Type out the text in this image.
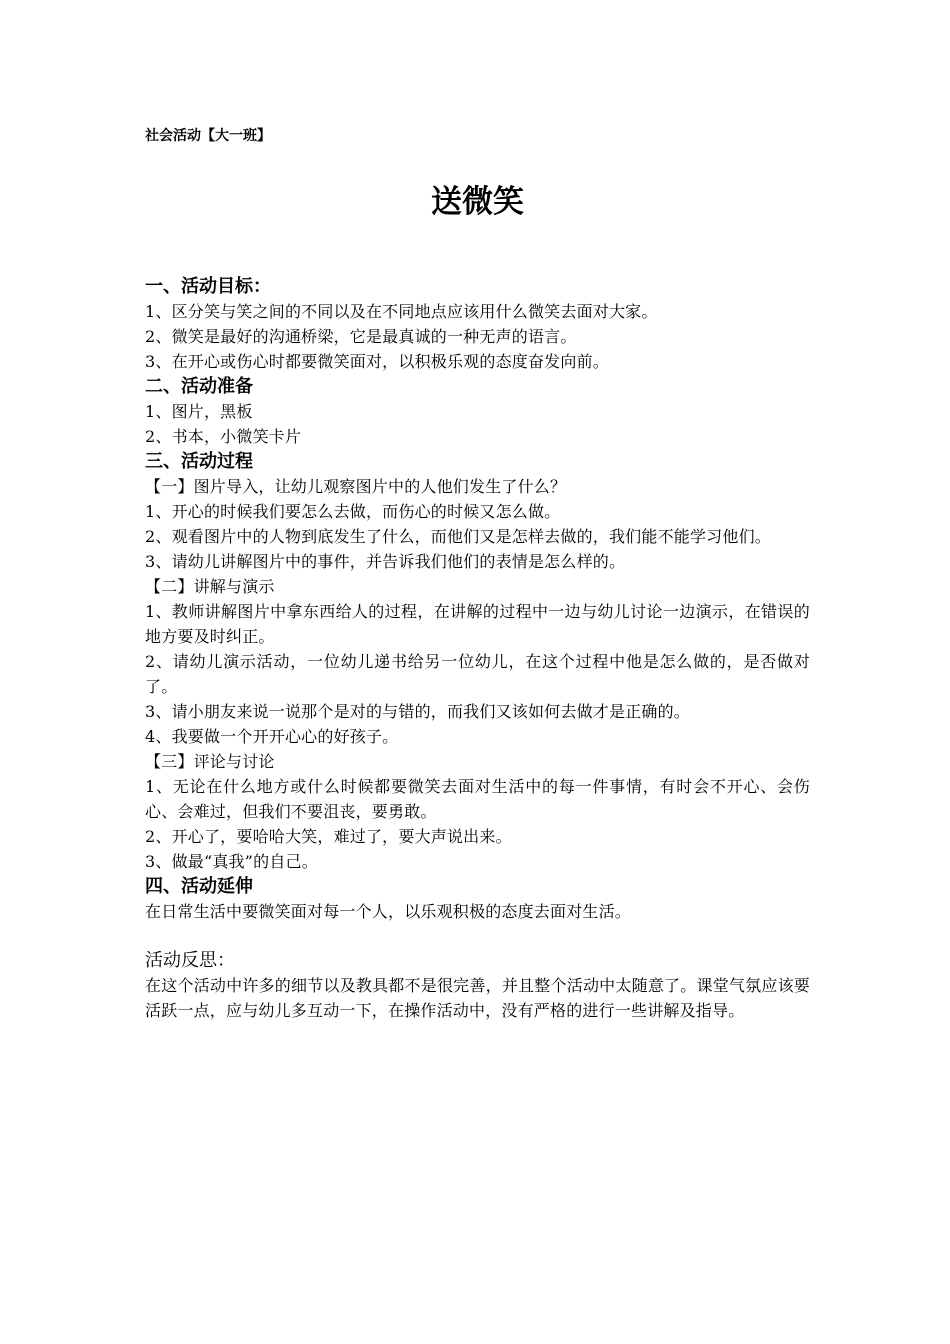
社会活动【大一班】
送微笑
一、活动目标：
1、区分笑与笑之间的不同以及在不同地点应该用什么微笑去面对大家。
2、微笑是最好的沟通桥梁，它是最真诚的一种无声的语言。
3、在开心或伤心时都要微笑面对，以积极乐观的态度奋发向前。
二、活动准备
1、图片，黑板
2、书本，小微笑卡片
三、活动过程
【一】图片导入，让幼儿观察图片中的人他们发生了什么？
1、开心的时候我们要怎么去做，而伤心的时候又怎么做。
2、观看图片中的人物到底发生了什么，而他们又是怎样去做的，我们能不能学习他们。
3、请幼儿讲解图片中的事件，并告诉我们他们的表情是怎么样的。
【二】讲解与演示
1、教师讲解图片中拿东西给人的过程，在讲解的过程中一边与幼儿讨论一边演示，在错误的地方要及时纠正。
2、请幼儿演示活动，一位幼儿递书给另一位幼儿，在这个过程中他是怎么做的，是否做对了。
3、请小朋友来说一说那个是对的与错的，而我们又该如何去做才是正确的。
4、我要做一个开开心心的好孩子。
【三】评论与讨论
1、无论在什么地方或什么时候都要微笑去面对生活中的每一件事情，有时会不开心、会伤心、会难过，但我们不要沮丧，要勇敢。
2、开心了，要哈哈大笑，难过了，要大声说出来。
3、做最“真我”的自己。
四、活动延伸
在日常生活中要微笑面对每一个人，以乐观积极的态度去面对生活。
活动反思：
在这个活动中许多的细节以及教具都不是很完善，并且整个活动中太随意了。课堂气氛应该要活跃一点，应与幼儿多互动一下，在操作活动中，没有严格的进行一些讲解及指导。
